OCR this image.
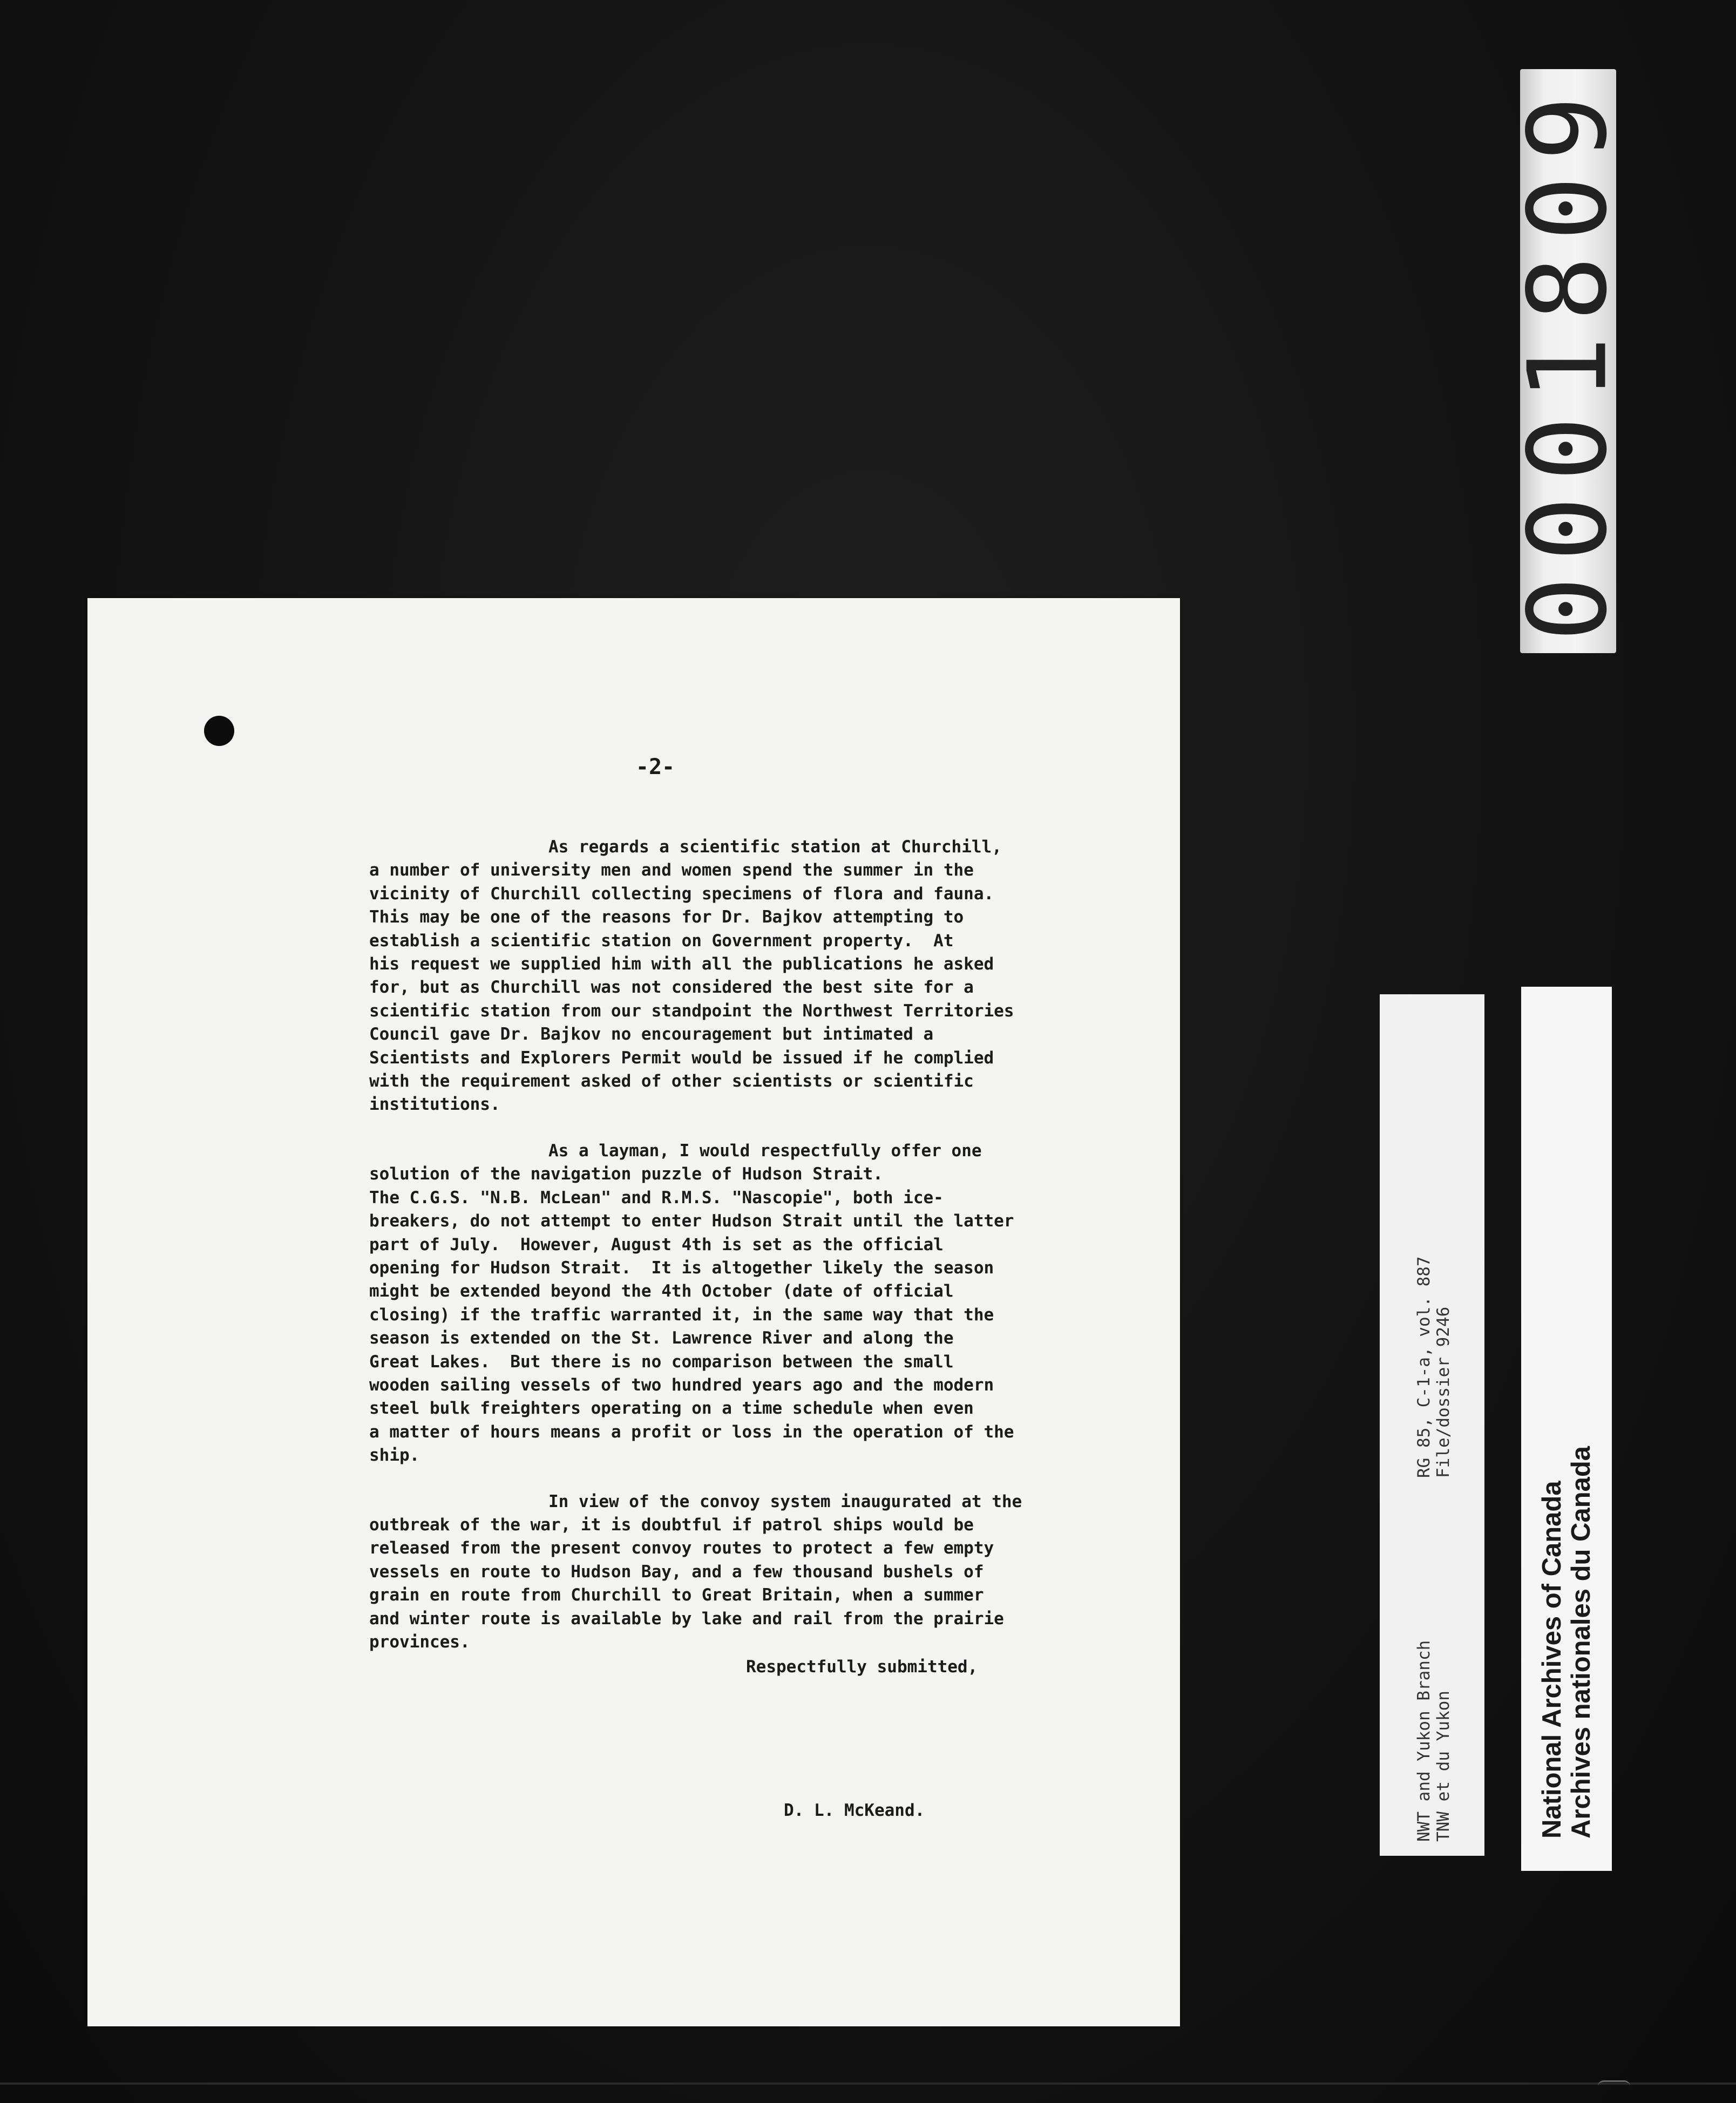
0001809
-2-
As regards a scientific station at Churchill,
a number of university men and women spend the summer in the
vicinity of Churchill collecting specimens of flora and fauna.
This may be one of the reasons for Dr. Bajkov attempting to
establish a scientific station on Government property.  At
his request we supplied him with all the publications he asked
for, but as Churchill was not considered the best site for a
scientific station from our standpoint the Northwest Territories
Council gave Dr. Bajkov no encouragement but intimated a
Scientists and Explorers Permit would be issued if he complied
with the requirement asked of other scientists or scientific
institutions.
As a layman, I would respectfully offer one
solution of the navigation puzzle of Hudson Strait.
The C.G.S. "N.B. McLean" and R.M.S. "Nascopie", both ice-
breakers, do not attempt to enter Hudson Strait until the latter
part of July.  However, August 4th is set as the official
opening for Hudson Strait.  It is altogether likely the season
might be extended beyond the 4th October (date of official
closing) if the traffic warranted it, in the same way that the
season is extended on the St. Lawrence River and along the
Great Lakes.  But there is no comparison between the small
wooden sailing vessels of two hundred years ago and the modern
steel bulk freighters operating on a time schedule when even
a matter of hours means a profit or loss in the operation of the
ship.
In view of the convoy system inaugurated at the
outbreak of the war, it is doubtful if patrol ships would be
released from the present convoy routes to protect a few empty
vessels en route to Hudson Bay, and a few thousand bushels of
grain en route from Churchill to Great Britain, when a summer
and winter route is available by lake and rail from the prairie
provinces.
Respectfully submitted,
D. L. McKeand.	NWT and Yukon Branch TNW et du Yukon
RG 85, C-1-a, vol. 887 File/dossier 9246
National Archives of Canada Archives nationales du Canada
